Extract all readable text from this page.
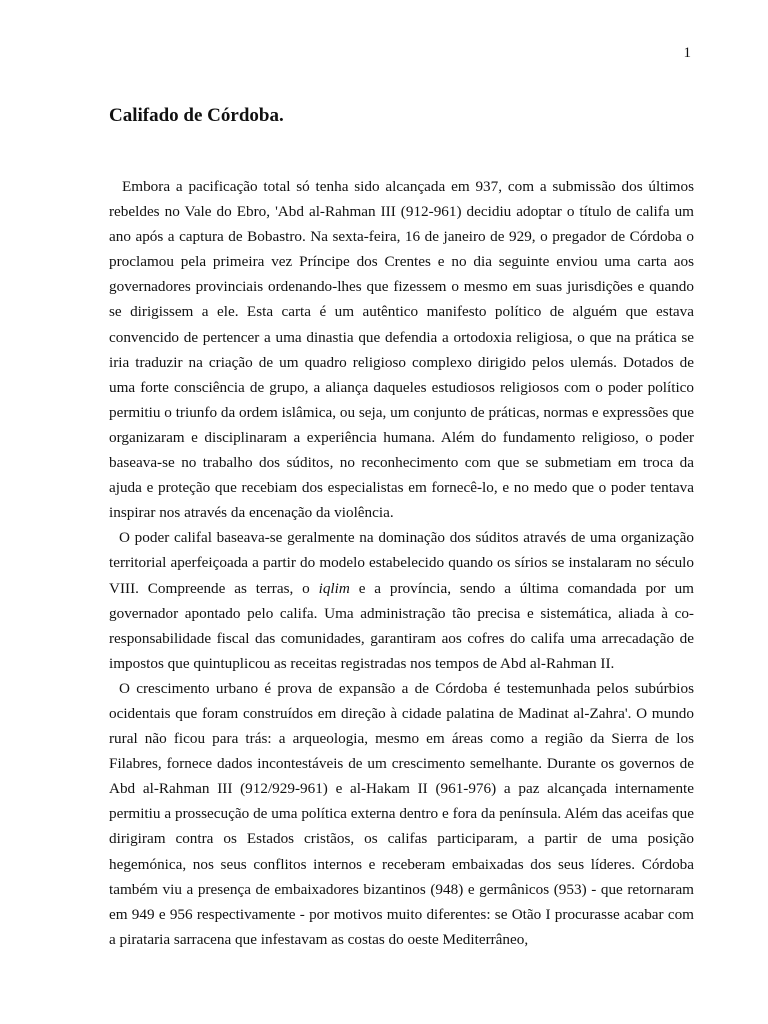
1
Califado de Córdoba.

Embora a pacificação total só tenha sido alcançada em 937, com a submissão dos últimos rebeldes no Vale do Ebro, 'Abd al-Rahman III (912-961) decidiu adoptar o título de califa um ano após a captura de Bobastro. Na sexta-feira, 16 de janeiro de 929, o pregador de Córdoba o proclamou pela primeira vez Príncipe dos Crentes e no dia seguinte enviou uma carta aos governadores provinciais ordenando-lhes que fizessem o mesmo em suas jurisdições e quando se dirigissem a ele. Esta carta é um autêntico manifesto político de alguém que estava convencido de pertencer a uma dinastia que defendia a ortodoxia religiosa, o que na prática se iria traduzir na criação de um quadro religioso complexo dirigido pelos ulemás. Dotados de uma forte consciência de grupo, a aliança daqueles estudiosos religiosos com o poder político permitiu o triunfo da ordem islâmica, ou seja, um conjunto de práticas, normas e expressões que organizaram e disciplinaram a experiência humana. Além do fundamento religioso, o poder baseava-se no trabalho dos súditos, no reconhecimento com que se submetiam em troca da ajuda e proteção que recebiam dos especialistas em fornecê-lo, e no medo que o poder tentava inspirar nos através da encenação da violência.

O poder califal baseava-se geralmente na dominação dos súditos através de uma organização territorial aperfeiçoada a partir do modelo estabelecido quando os sírios se instalaram no século VIII. Compreende as terras, o iqlim e a província, sendo a última comandada por um governador apontado pelo califa. Uma administração tão precisa e sistemática, aliada à co-responsabilidade fiscal das comunidades, garantiram aos cofres do califa uma arrecadação de impostos que quintuplicou as receitas registradas nos tempos de Abd al-Rahman II.

O crescimento urbano é prova de expansão a de Córdoba é testemunhada pelos subúrbios ocidentais que foram construídos em direção à cidade palatina de Madinat al-Zahra'. O mundo rural não ficou para trás: a arqueologia, mesmo em áreas como a região da Sierra de los Filabres, fornece dados incontestáveis de um crescimento semelhante. Durante os governos de Abd al-Rahman III (912/929-961) e al-Hakam II (961-976) a paz alcançada internamente permitiu a prossecução de uma política externa dentro e fora da península. Além das aceifas que dirigiram contra os Estados cristãos, os califas participaram, a partir de uma posição hegemónica, nos seus conflitos internos e receberam embaixadas dos seus líderes. Córdoba também viu a presença de embaixadores bizantinos (948) e germânicos (953) - que retornaram em 949 e 956 respectivamente - por motivos muito diferentes: se Otão I procurasse acabar com a pirataria sarracena que infestavam as costas do oeste Mediterrâneo,
